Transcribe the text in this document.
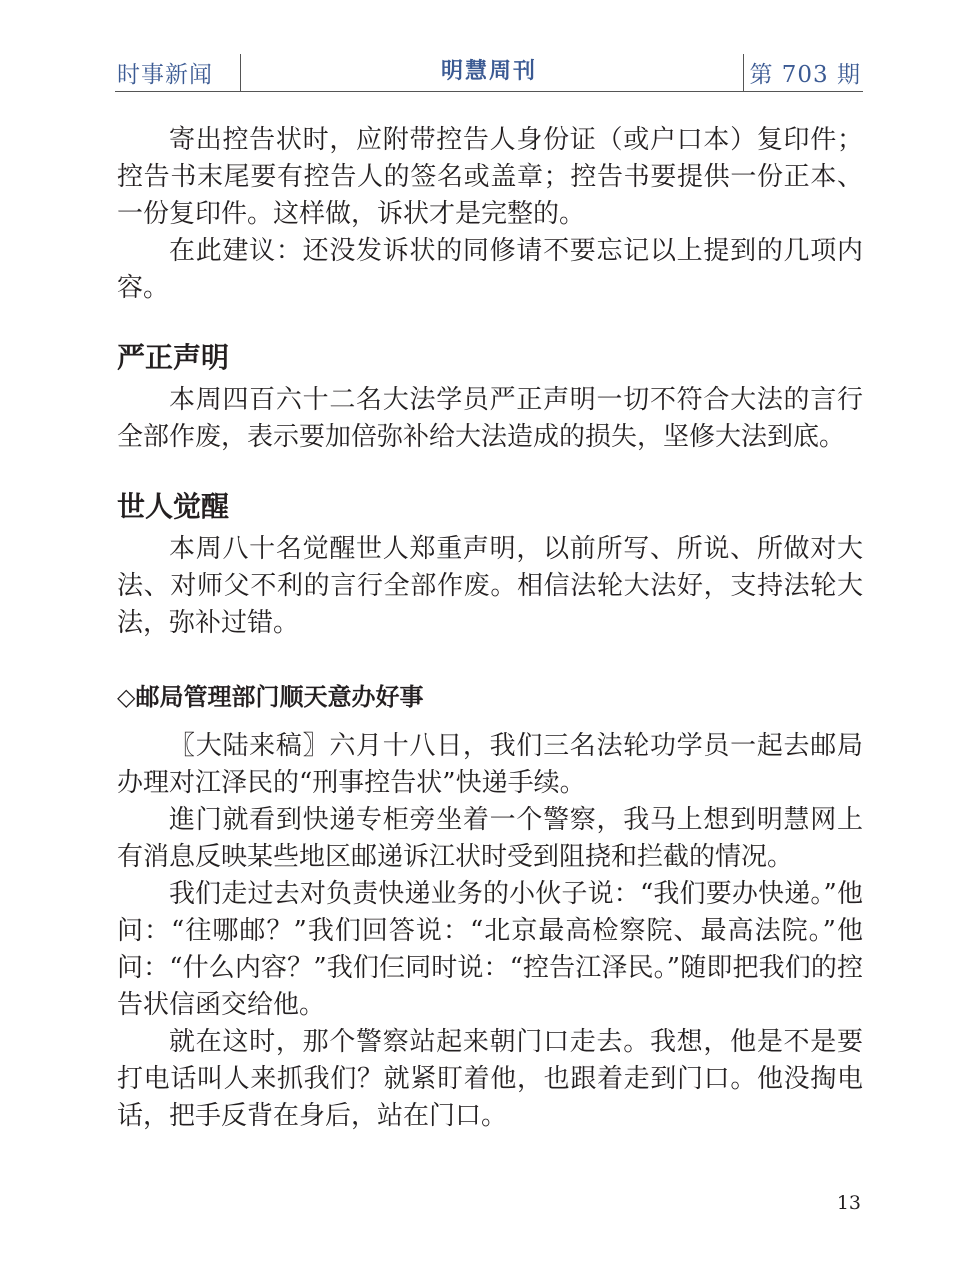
时事新闻	明慧周刊	第 703 期

寄出控告状时，应附带控告人身份证（或户口本）复印件；控告书末尾要有控告人的签名或盖章；控告书要提供一份正本、一份复印件。这样做，诉状才是完整的。

在此建议：还没发诉状的同修请不要忘记以上提到的几项内容。

严正声明

本周四百六十二名大法学员严正声明一切不符合大法的言行全部作废，表示要加倍弥补给大法造成的损失，坚修大法到底。

世人觉醒

本周八十名觉醒世人郑重声明，以前所写、所说、所做对大法、对师父不利的言行全部作废。相信法轮大法好，支持法轮大法，弥补过错。

◇邮局管理部门顺天意办好事

〖大陆来稿〗六月十八日，我们三名法轮功学员一起去邮局办理对江泽民的“刑事控告状”快递手续。

進门就看到快递专柜旁坐着一个警察，我马上想到明慧网上有消息反映某些地区邮递诉江状时受到阻挠和拦截的情况。

我们走过去对负责快递业务的小伙子说：“我们要办快递。”他问：“往哪邮？”我们回答说：“北京最高检察院、最高法院。”他问：“什么内容？”我们仨同时说：“控告江泽民。”随即把我们的控告状信函交给他。

就在这时，那个警察站起来朝门口走去。我想，他是不是要打电话叫人来抓我们？就紧盯着他，也跟着走到门口。他没掏电话，把手反背在身后，站在门口。

13
